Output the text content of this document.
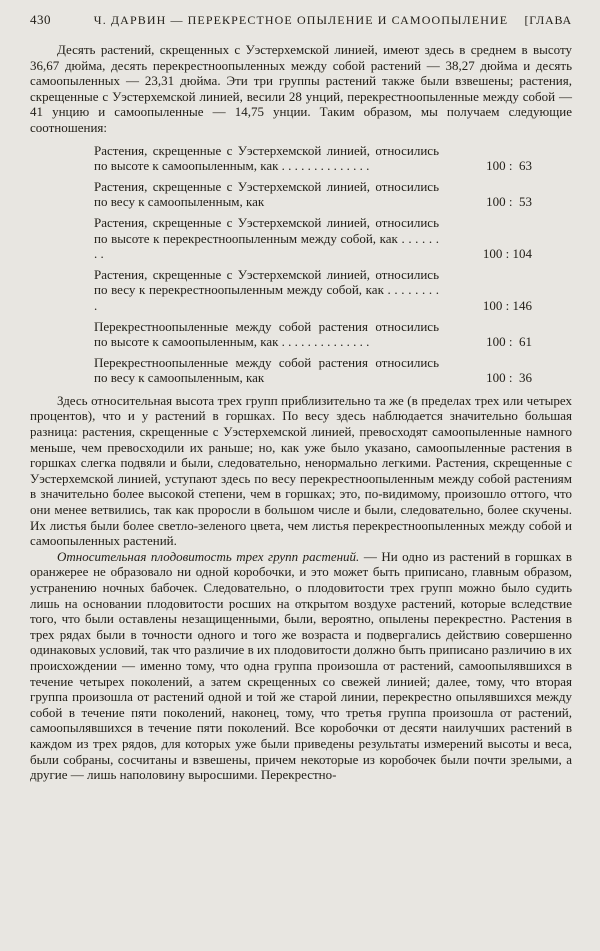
430	Ч. ДАРВИН — ПЕРЕКРЕСТНОЕ ОПЫЛЕНИЕ И САМООПЫЛЕНИЕ	[ГЛАВА

Десять растений, скрещенных с Уэстерхемской линией, имеют здесь в среднем в высоту 36,67 дюйма, десять перекрестноопыленных между собой растений — 38,27 дюйма и десять самоопыленных — 23,31 дюйма. Эти три группы растений также были взвешены; растения, скрещенные с Уэстерхемской линией, весили 28 унций, перекрестноопыленные между собой — 41 унцию и самоопыленные — 14,75 унции. Таким образом, мы получаем следующие соотношения:

Растения, скрещенные с Уэстерхемской линией, относились по высоте к самоопыленным, как . . . . . . . . . . . . . .	100 :  63
Растения, скрещенные с Уэстерхемской линией, относились по весу к самоопыленным, как	100 :  53
Растения, скрещенные с Уэстерхемской линией, относились по высоте к перекрестноопыленным между собой, как . . . . . . . .	100 : 104
Растения, скрещенные с Уэстерхемской линией, относились по весу к перекрестноопыленным между собой, как . . . . . . . . .	100 : 146
Перекрестноопыленные между собой растения относились по высоте к самоопыленным, как . . . . . . . . . . . . . .	100 :  61
Перекрестноопыленные между собой растения относились по весу к самоопыленным, как	100 :  36

Здесь относительная высота трех групп приблизительно та же (в пределах трех или четырех процентов), что и у растений в горшках. По весу здесь наблюдается значительно большая разница: растения, скрещенные с Уэстерхемской линией, превосходят самоопыленные намного меньше, чем превосходили их раньше; но, как уже было указано, самоопыленные растения в горшках слегка подвяли и были, следовательно, ненормально легкими. Растения, скрещенные с Уэстерхемской линией, уступают здесь по весу перекрестноопыленным между собой растениям в значительно более высокой степени, чем в горшках; это, по-видимому, произошло оттого, что они менее ветвились, так как проросли в большом числе и были, следовательно, более скучены. Их листья были более светло-зеленого цвета, чем листья перекрестноопыленных между собой и самоопыленных растений.

Относительная плодовитость трех групп растений. — Ни одно из растений в горшках в оранжерее не образовало ни одной коробочки, и это может быть приписано, главным образом, устранению ночных бабочек. Следовательно, о плодовитости трех групп можно было судить лишь на основании плодовитости росших на открытом воздухе растений, которые вследствие того, что были оставлены незащищенными, были, вероятно, опылены перекрестно. Растения в трех рядах были в точности одного и того же возраста и подвергались действию совершенно одинаковых условий, так что различие в их плодовитости должно быть приписано различию в их происхождении — именно тому, что одна группа произошла от растений, самоопылявшихся в течение четырех поколений, а затем скрещенных со свежей линией; далее, тому, что вторая группа произошла от растений одной и той же старой линии, перекрестно опылявшихся между собой в течение пяти поколений, наконец, тому, что третья группа произошла от растений, самоопылявшихся в течение пяти поколений. Все коробочки от десяти наилучших растений в каждом из трех рядов, для которых уже были приведены результаты измерений высоты и веса, были собраны, сосчитаны и взвешены, причем некоторые из коробочек были почти зрелыми, а другие — лишь наполовину выросшими. Перекрестно-
